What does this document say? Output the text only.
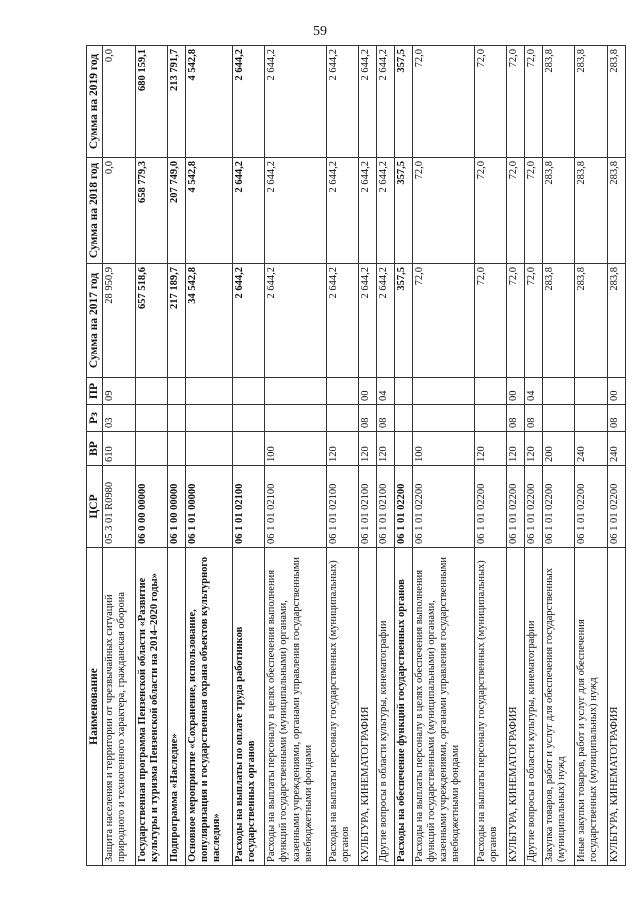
59
Наименование	ЦСР	ВР	Рз	ПР	Сумма на 2017 год	Сумма на 2018 год	Сумма на 2019 год
Защита населения и территории от чрезвычайных ситуаций природного и техногенного характера, гражданская оборона	05 3 01 R0980	610	03	09	28 950,9	0,0	0,0
Государственная программа Пензенской области «Развитие культуры и туризма Пензенской области на 2014–2020 годы»	06 0 00 00000				657 518,6	658 779,3	680 159,1
Подпрограмма «Наследие»	06 1 00 00000				217 189,7	207 749,0	213 791,7
Основное мероприятие «Сохранение, использование, популяризация и государственная охрана объектов культурного наследия»	06 1 01 00000				34 542,8	4 542,8	4 542,8
Расходы на выплаты по оплате труда работников государственных органов	06 1 01 02100				2 644,2	2 644,2	2 644,2
Расходы на выплаты персоналу в целях обеспечения выполнения функций государственными (муниципальными) органами, казенными учреждениями, органами управления государственными внебюджетными фондами	06 1 01 02100	100			2 644,2	2 644,2	2 644,2
Расходы на выплаты персоналу государственных (муниципальных) органов	06 1 01 02100	120			2 644,2	2 644,2	2 644,2
КУЛЬТУРА, КИНЕМАТОГРАФИЯ	06 1 01 02100	120	08	00	2 644,2	2 644,2	2 644,2
Другие вопросы в области культуры, кинематографии	06 1 01 02100	120	08	04	2 644,2	2 644,2	2 644,2
Расходы на обеспечение функций государственных органов	06 1 01 02200				357,5	357,5	357,5
Расходы на выплаты персоналу в целях обеспечения выполнения функций государственными (муниципальными) органами, казенными учреждениями, органами управления государственными внебюджетными фондами	06 1 01 02200	100			72,0	72,0	72,0
Расходы на выплаты персоналу государственных (муниципальных) органов	06 1 01 02200	120			72,0	72,0	72,0
КУЛЬТУРА, КИНЕМАТОГРАФИЯ	06 1 01 02200	120	08	00	72,0	72,0	72,0
Другие вопросы в области культуры, кинематографии	06 1 01 02200	120	08	04	72,0	72,0	72,0
Закупка товаров, работ и услуг для обеспечения государственных (муниципальных) нужд	06 1 01 02200	200			283,8	283,8	283,8
Иные закупки товаров, работ и услуг для обеспечения государственных (муниципальных) нужд	06 1 01 02200	240			283,8	283,8	283,8
КУЛЬТУРА, КИНЕМАТОГРАФИЯ	06 1 01 02200	240	08	00	283,8	283,8	283,8
